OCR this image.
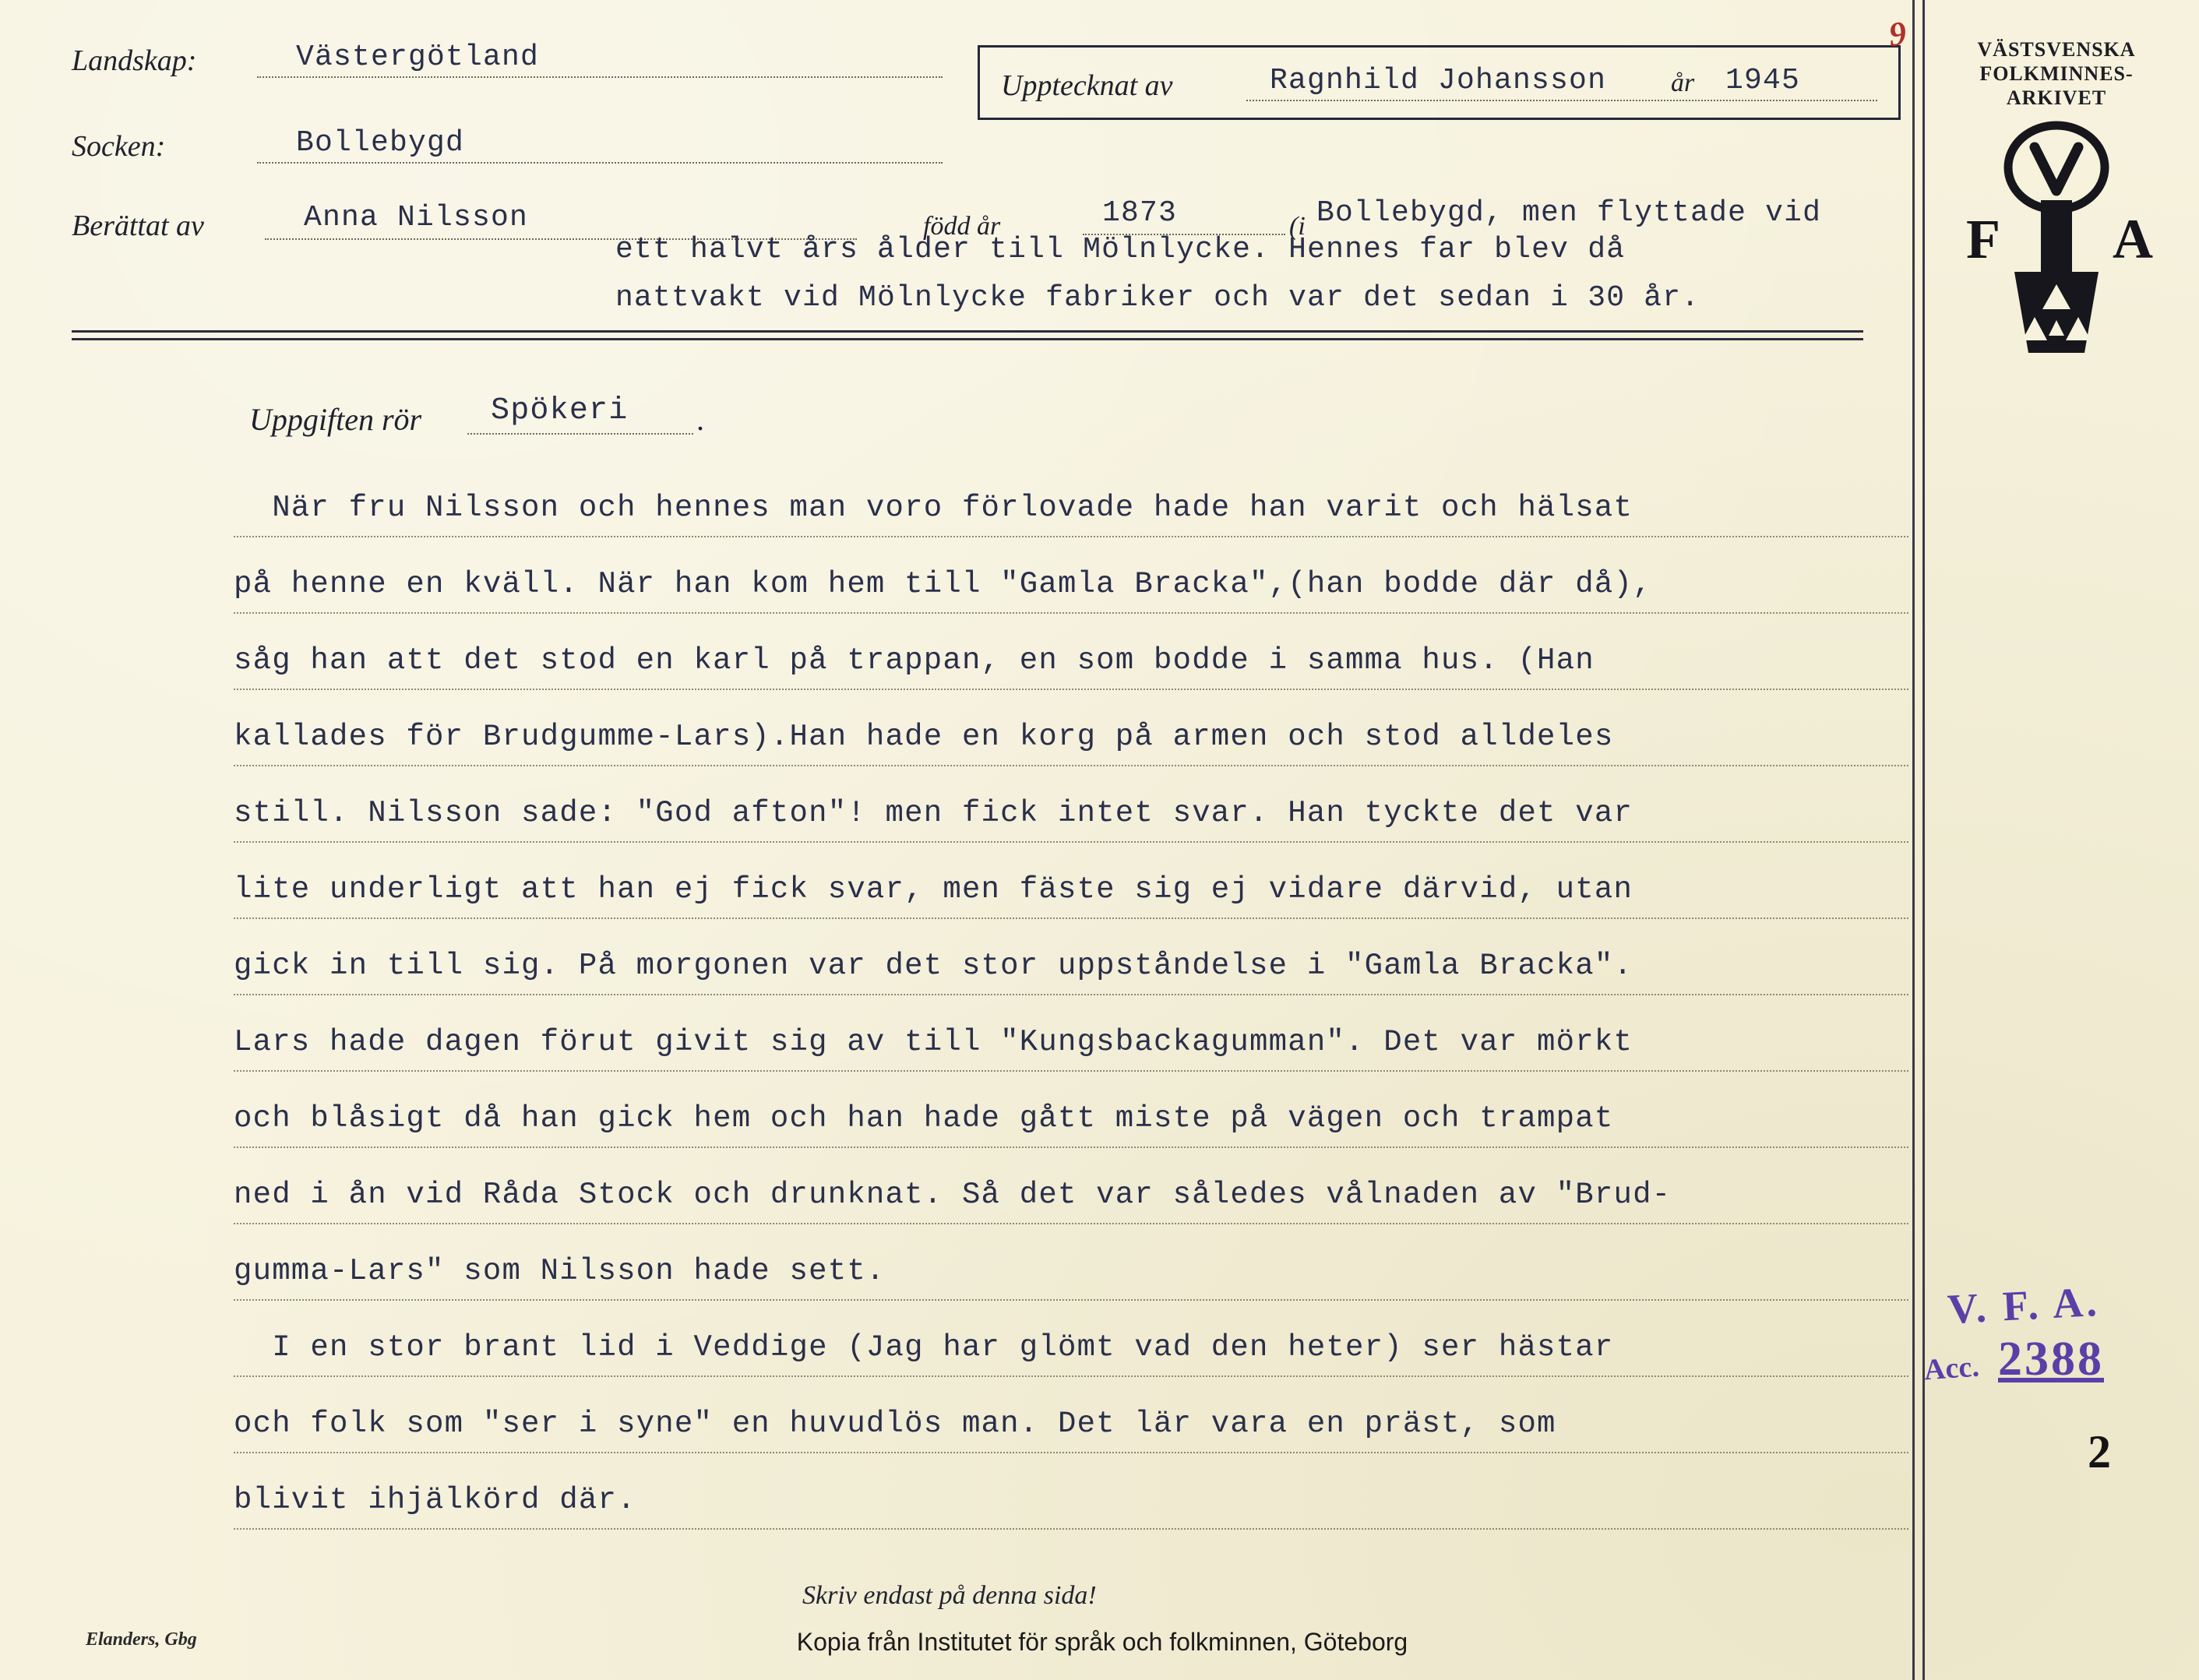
Landskap:	Västergötland
Socken:	Bollebygd
Berättat av	Anna Nilsson	född år	1873	(i Bollebygd, men flyttade vid
ett halvt års ålder till Mölnlycke. Hennes far blev då
nattvakt vid Mölnlycke fabriker och var det sedan i 30 år.
Upptecknat av	Ragnhild Johansson år 1945
Uppgiften rör Spökeri .
När fru Nilsson och hennes man voro förlovade hade han varit och hälsat
på henne en kväll. När han kom hem till "Gamla Bracka",(han bodde där då),
såg han att det stod en karl på trappan, en som bodde i samma hus. (Han
kallades för Brudgumme-Lars).Han hade en korg på armen och stod alldeles
still. Nilsson sade: "God afton"! men fick intet svar. Han tyckte det var
lite underligt att han ej fick svar, men fäste sig ej vidare därvid, utan
gick in till sig. På morgonen var det stor uppståndelse i "Gamla Bracka".
Lars hade dagen förut givit sig av till "Kungsbackagumman". Det var mörkt
och blåsigt då han gick hem och han hade gått miste på vägen och trampat
ned i ån vid Råda Stock och drunknat. Så det var således vålnaden av "Brud-
gumma-Lars" som Nilsson hade sett.
I en stor brant lid i Veddige (Jag har glömt vad den heter) ser hästar
och folk som "ser i syne" en huvudlös man. Det lär vara en präst, som
blivit ihjälkörd där.
Skriv endast på denna sida!
Kopia från Institutet för språk och folkminnen, Göteborg
Elanders, Gbg
VÄSTSVENSKA
FOLKMINNES-
ARKIVET
F A
V. F. A.
Acc. 2388
9
2
